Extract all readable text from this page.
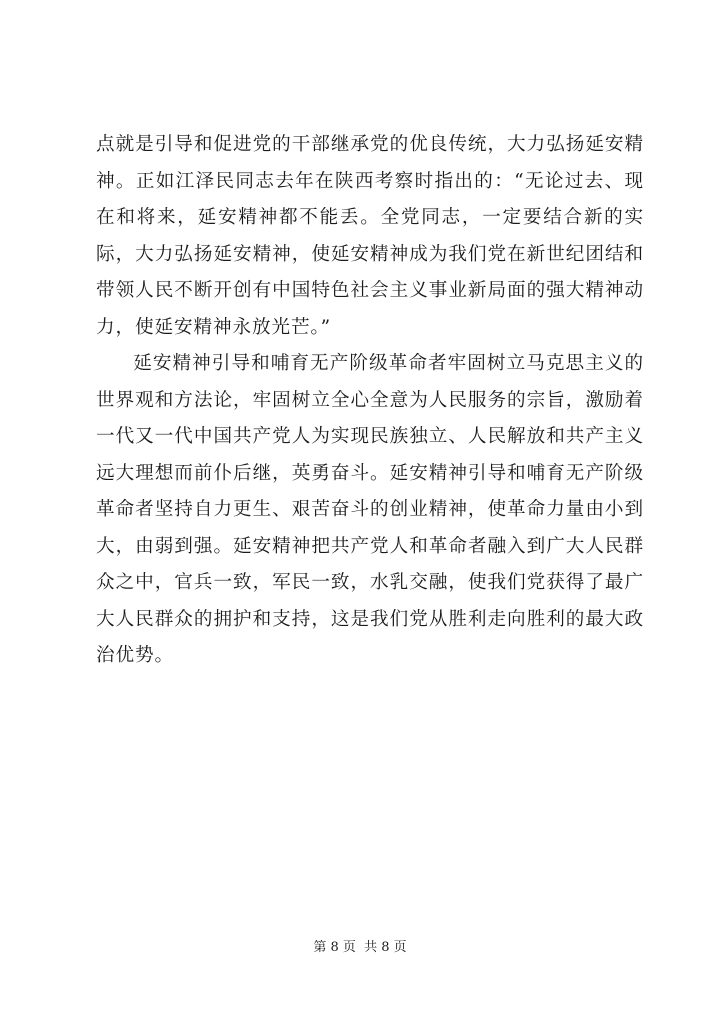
点就是引导和促进党的干部继承党的优良传统，大力弘扬延安精神。正如江泽民同志去年在陕西考察时指出的：“无论过去、现在和将来，延安精神都不能丢。全党同志，一定要结合新的实际，大力弘扬延安精神，使延安精神成为我们党在新世纪团结和带领人民不断开创有中国特色社会主义事业新局面的强大精神动力，使延安精神永放光芒。”

延安精神引导和哺育无产阶级革命者牢固树立马克思主义的世界观和方法论，牢固树立全心全意为人民服务的宗旨，激励着一代又一代中国共产党人为实现民族独立、人民解放和共产主义远大理想而前仆后继，英勇奋斗。延安精神引导和哺育无产阶级革命者坚持自力更生、艰苦奋斗的创业精神，使革命力量由小到大，由弱到强。延安精神把共产党人和革命者融入到广大人民群众之中，官兵一致，军民一致，水乳交融，使我们党获得了最广大人民群众的拥护和支持，这是我们党从胜利走向胜利的最大政治优势。

第 8 页  共 8 页
